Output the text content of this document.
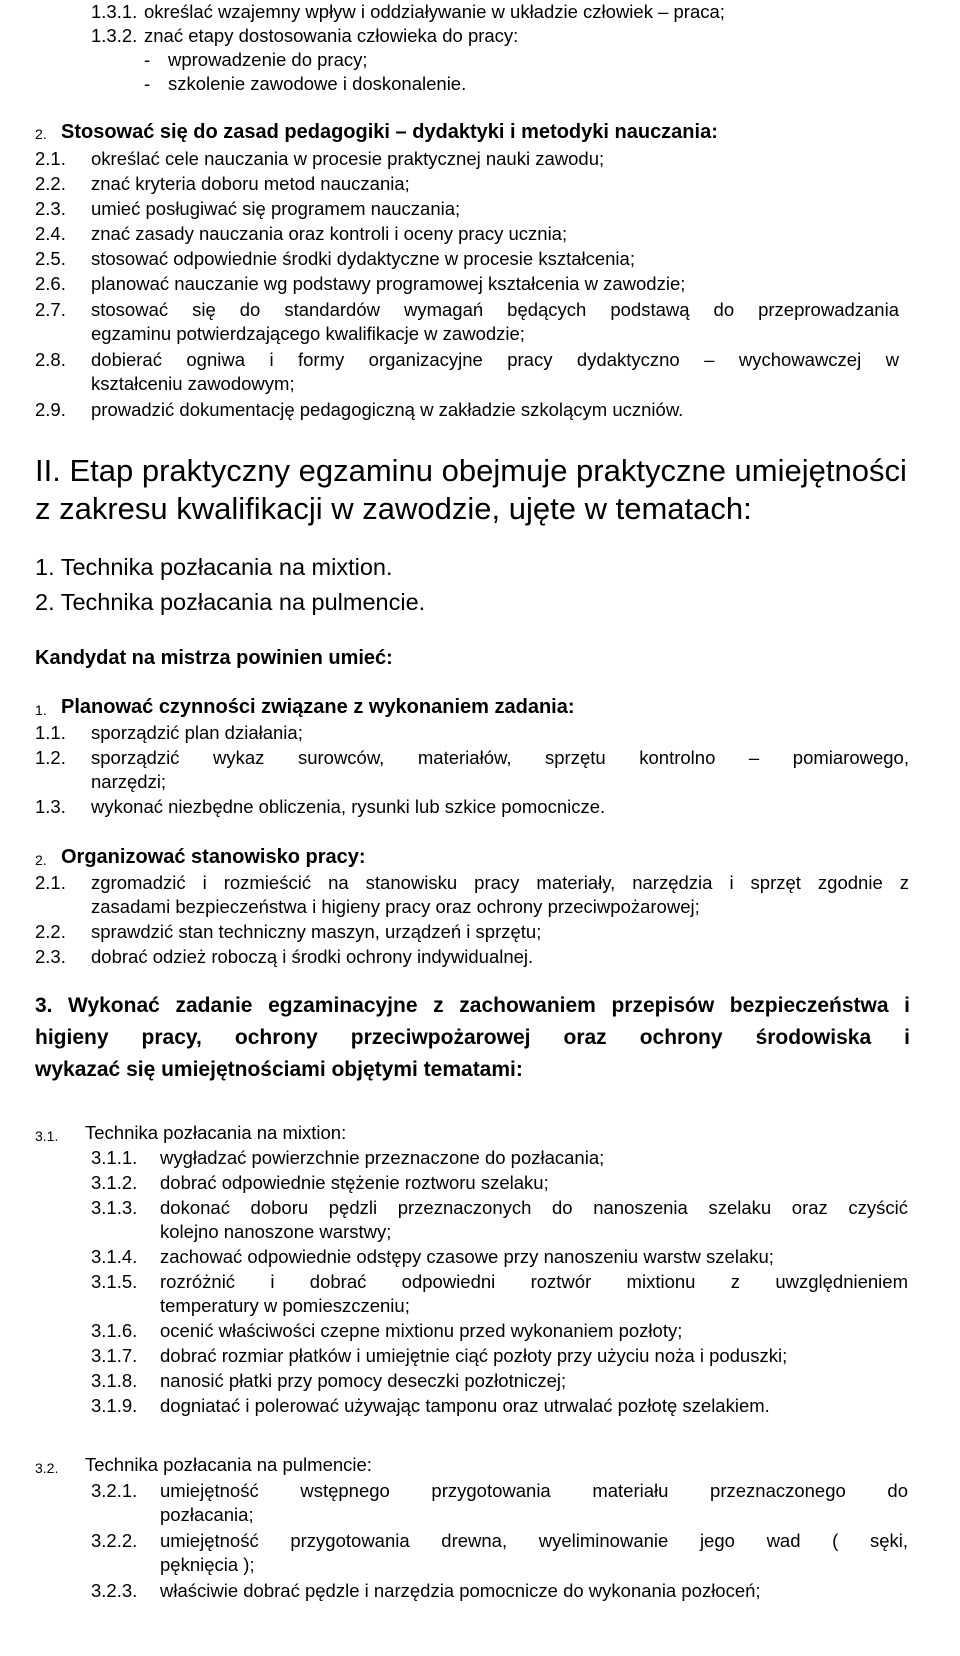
1.3.1. określać wzajemny wpływ i oddziaływanie w układzie człowiek – praca;
1.3.2. znać etapy dostosowania człowieka do pracy:
- wprowadzenie do pracy;
- szkolenie zawodowe i doskonalenie.
2. Stosować się do zasad pedagogiki – dydaktyki i metodyki nauczania:
2.1. określać cele nauczania w procesie praktycznej nauki zawodu;
2.2. znać kryteria doboru metod nauczania;
2.3. umieć posługiwać się programem nauczania;
2.4. znać zasady nauczania oraz kontroli i oceny pracy ucznia;
2.5. stosować odpowiednie środki dydaktyczne w procesie kształcenia;
2.6. planować nauczanie wg podstawy programowej kształcenia w zawodzie;
2.7. stosować się do standardów wymagań będących podstawą do przeprowadzania
egzaminu potwierdzającego kwalifikacje w zawodzie;
2.8. dobierać ogniwa i formy organizacyjne pracy dydaktyczno – wychowawczej w
kształceniu zawodowym;
2.9. prowadzić dokumentację pedagogiczną w zakładzie szkolącym uczniów.
II. Etap praktyczny egzaminu obejmuje praktyczne umiejętności
z zakresu kwalifikacji w zawodzie, ujęte w tematach:
1. Technika pozłacania na mixtion.
2. Technika pozłacania na pulmencie.
Kandydat na mistrza powinien umieć:
1. Planować czynności związane z wykonaniem zadania:
1.1. sporządzić plan działania;
1.2. sporządzić wykaz surowców, materiałów, sprzętu kontrolno – pomiarowego,
narzędzi;
1.3. wykonać niezbędne obliczenia, rysunki lub szkice pomocnicze.
2. Organizować stanowisko pracy:
2.1. zgromadzić i rozmieścić na stanowisku pracy materiały, narzędzia i sprzęt zgodnie z
zasadami bezpieczeństwa i higieny pracy oraz ochrony przeciwpożarowej;
2.2. sprawdzić stan techniczny maszyn, urządzeń i sprzętu;
2.3. dobrać odzież roboczą i środki ochrony indywidualnej.
3. Wykonać zadanie egzaminacyjne z zachowaniem przepisów bezpieczeństwa i
higieny pracy, ochrony przeciwpożarowej oraz ochrony środowiska i
wykazać się umiejętnościami objętymi tematami:
3.1. Technika pozłacania na mixtion:
3.1.1. wygładzać powierzchnie przeznaczone do pozłacania;
3.1.2. dobrać odpowiednie stężenie roztworu szelaku;
3.1.3. dokonać doboru pędzli przeznaczonych do nanoszenia szelaku oraz czyścić
kolejno nanoszone warstwy;
3.1.4. zachować odpowiednie odstępy czasowe przy nanoszeniu warstw szelaku;
3.1.5. rozróżnić i dobrać odpowiedni roztwór mixtionu z uwzględnieniem
temperatury w pomieszczeniu;
3.1.6. ocenić właściwości czepne mixtionu przed wykonaniem pozłoty;
3.1.7. dobrać rozmiar płatków i umiejętnie ciąć pozłoty przy użyciu noża i poduszki;
3.1.8. nanosić płatki przy pomocy deseczki pozłotniczej;
3.1.9. dogniatać i polerować używając tamponu oraz utrwalać pozłotę szelakiem.
3.2. Technika pozłacania na pulmencie:
3.2.1. umiejętność wstępnego przygotowania materiału przeznaczonego do
pozłacania;
3.2.2. umiejętność przygotowania drewna, wyeliminowanie jego wad ( sęki,
pęknięcia );
3.2.3. właściwie dobrać pędzle i narzędzia pomocnicze do wykonania pozłoceń;
